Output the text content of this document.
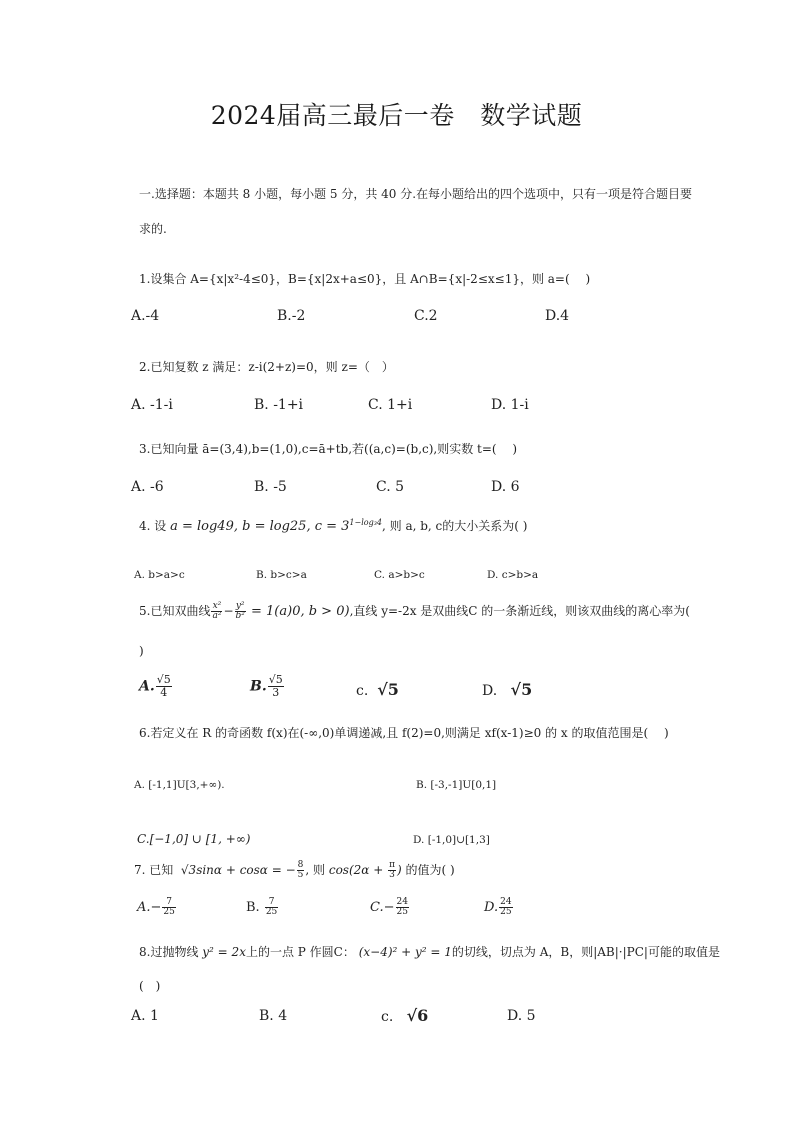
2024届高三最后一卷　数学试题
一.选择题：本题共 8 小题，每小题 5 分，共 40 分.在每小题给出的四个选项中，只有一项是符合题目要
求的.
1.设集合 A={x|x²-4≤0}，B={x|2x+a≤0}，且 A∩B={x|-2≤x≤1}，则 a=(　 )
A.-4	B.-2	C.2	D.4
2.已知复数 z 满足：z-i(2+z)=0，则 z=（　）
A. -1-i	B. -1+i	C. 1+i	D. 1-i
3.已知向量 ā=(3,4),b=(1,0),c=ā+tb,若((a,c)=(b,c),则实数 t=(　 )
A. -6	B. -5	C. 5	D. 6
4. 设 a = log49, b = log25, $c = 3^{1-log_34}$, 则 a, b, c的大小关系为( )
A. b>a>c	B. b>c>a	C. a>b>c	D. c>b>a
5.已知双曲线 $\frac{\text{x²}}{\text{a²}} - \frac{\text{y²}}{\text{b²}} = 1(a)0$, b > 0),直线 y=-2x 是双曲线C 的一条渐近线，则该双曲线的离心率为(
)
A. $\frac{√5}{4}$	B. $\frac{√5}{3}$	c. √5	D. √5
6.若定义在 R 的奇函数 f(x)在(-∞,0)单调递减,且 f(2)=0,则满足 xf(x-1)≥0 的 x 的取值范围是(　 )
A. [-1,1]U[3,+∞).	B. [-3,-1]U[0,1]
C.[−1,0] ∪ [1, +∞)	D. [-1,0]∪[1,3]
7. 已知 √3sinα + cosα = − $\frac{8}{5}$ , 则 $\cos(2\alpha + \frac{\pi}{3}$ ) 的值为( )
$A.- \frac{7}{25}$	B. $\frac{7}{25}$	$C.- \frac{24}{25}$	D. $\frac{24}{25}$
8.过抛物线 y² = 2x上的一点 P 作圆C： (x−4)² + y² = 1的切线，切点为 A，B，则|AB|·|PC|可能的取值是
(　)
A. 1	B. 4	c. √6	D. 5
